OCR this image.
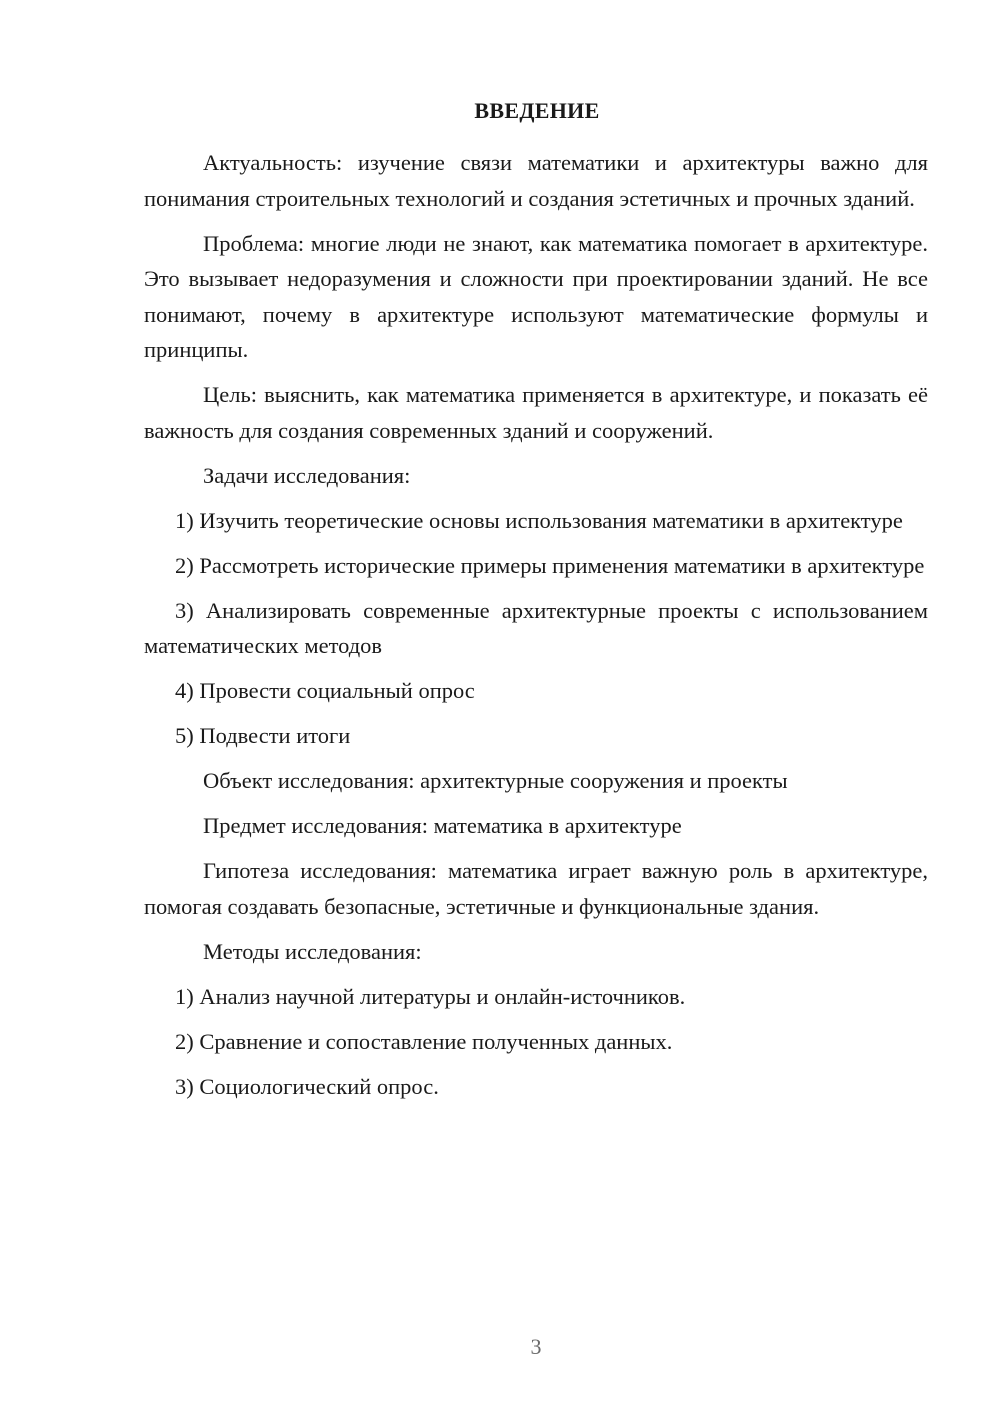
ВВЕДЕНИЕ

Актуальность: изучение связи математики и архитектуры важно для понимания строительных технологий и создания эстетичных и прочных зданий.

Проблема: многие люди не знают, как математика помогает в архитектуре. Это вызывает недоразумения и сложности при проектировании зданий. Не все понимают, почему в архитектуре используют математические формулы и принципы.

Цель: выяснить, как математика применяется в архитектуре, и показать её важность для создания современных зданий и сооружений.

Задачи исследования:

1) Изучить теоретические основы использования математики в архитектуре

2) Рассмотреть исторические примеры применения математики в архитектуре

3) Анализировать современные архитектурные проекты с использованием математических методов

4) Провести социальный опрос

5) Подвести итоги

Объект исследования: архитектурные сооружения и проекты

Предмет исследования: математика в архитектуре

Гипотеза исследования: математика играет важную роль в архитектуре, помогая создавать безопасные, эстетичные и функциональные здания.

Методы исследования:

1) Анализ научной литературы и онлайн-источников.

2) Сравнение и сопоставление полученных данных.

3) Социологический опрос.

3
